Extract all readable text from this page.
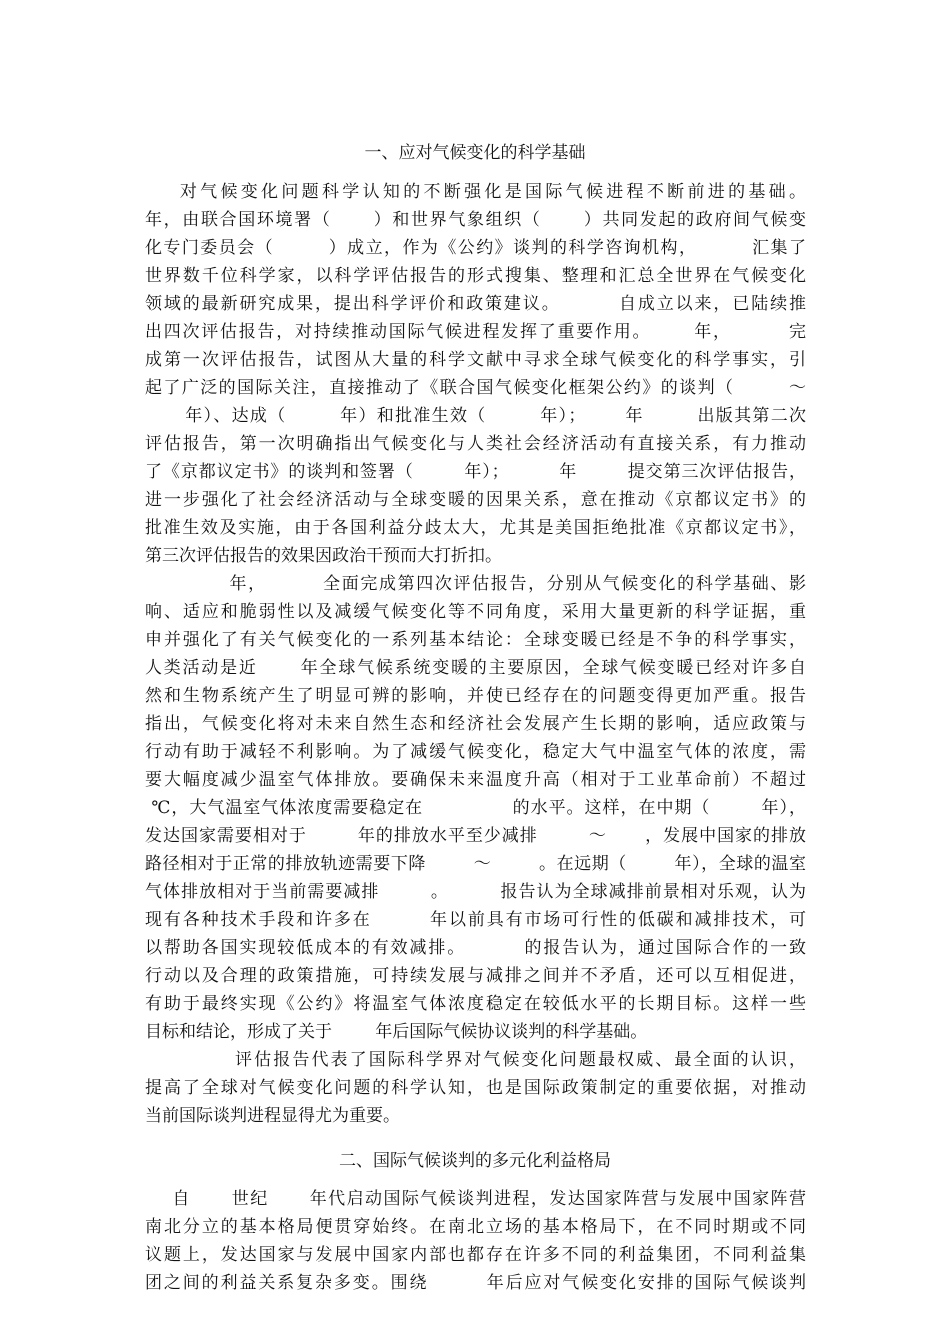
一、应对气候变化的科学基础
对气候变化问题科学认知的不断强化是国际气候进程不断前进的基础。
年，由联合国环境署（      ）和世界气象组织（      ）共同发起的政府间气候变
化专门委员会（        ）成立，作为《公约》谈判的科学咨询机构，        汇集了
世界数千位科学家，以科学评估报告的形式搜集、整理和汇总全世界在气候变化
领域的最新研究成果，提出科学评价和政策建议。        自成立以来，已陆续推
出四次评估报告，对持续推动国际气候进程发挥了重要作用。      年，        完
成第一次评估报告，试图从大量的科学文献中寻求全球气候变化的科学事实，引
起了广泛的国际关注，直接推动了《联合国气候变化框架公约》的谈判（        ～
年）、达成（        年）和批准生效（        年）；      年        出版其第二次
评估报告，第一次明确指出气候变化与人类社会经济活动有直接关系，有力推动
了《京都议定书》的谈判和签署（        年）；        年        提交第三次评估报告，
进一步强化了社会经济活动与全球变暖的因果关系，意在推动《京都议定书》的
批准生效及实施，由于各国利益分歧太大，尤其是美国拒绝批准《京都议定书》，
第三次评估报告的效果因政治干预而大打折扣。
年，        全面完成第四次评估报告，分别从气候变化的科学基础、影
响、适应和脆弱性以及减缓气候变化等不同角度，采用大量更新的科学证据，重
申并强化了有关气候变化的一系列基本结论：全球变暖已经是不争的科学事实，
人类活动是近      年全球气候系统变暖的主要原因，全球气候变暖已经对许多自
然和生物系统产生了明显可辨的影响，并使已经存在的问题变得更加严重。报告
指出，气候变化将对未来自然生态和经济社会发展产生长期的影响，适应政策与
行动有助于减轻不利影响。为了减缓气候变化，稳定大气中温室气体的浓度，需
要大幅度减少温室气体排放。要确保未来温度升高（相对于工业革命前）不超过
℃，大气温室气体浓度需要稳定在              的水平。这样，在中期（        年），
发达国家需要相对于        年的排放水平至少减排        ～      ，发展中国家的排放
路径相对于正常的排放轨迹需要下降        ～        。在远期（        年），全球的温室
气体排放相对于当前需要减排        。        报告认为全球减排前景相对乐观，认为
现有各种技术手段和许多在        年以前具有市场可行性的低碳和减排技术，可
以帮助各国实现较低成本的有效减排。        的报告认为，通过国际合作的一致
行动以及合理的政策措施，可持续发展与减排之间并不矛盾，还可以互相促进，
有助于最终实现《公约》将温室气体浓度稳定在较低水平的长期目标。这样一些
目标和结论，形成了关于        年后国际气候协议谈判的科学基础。
评估报告代表了国际科学界对气候变化问题最权威、最全面的认识，
提高了全球对气候变化问题的科学认知，也是国际政策制定的重要依据，对推动
当前国际谈判进程显得尤为重要。
二、国际气候谈判的多元化利益格局
自      世纪      年代启动国际气候谈判进程，发达国家阵营与发展中国家阵营
南北分立的基本格局便贯穿始终。在南北立场的基本格局下，在不同时期或不同
议题上，发达国家与发展中国家内部也都存在许多不同的利益集团，不同利益集
团之间的利益关系复杂多变。围绕        年后应对气候变化安排的国际气候谈判
